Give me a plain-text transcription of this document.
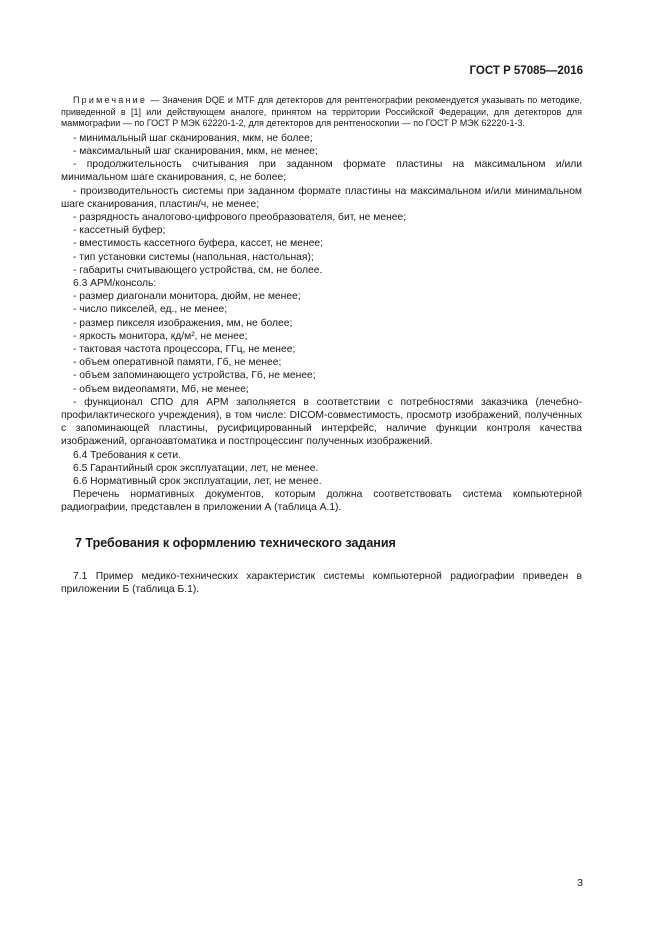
ГОСТ Р 57085—2016
Примечание — Значения DQE и MTF для детекторов для рентгенографии рекомендуется указывать по методике, приведенной в [1] или действующем аналоге, принятом на территории Российской Федерации, для детекторов для маммографии — по ГОСТ Р МЭК 62220-1-2, для детекторов для рентгеноскопии — по ГОСТ Р МЭК 62220-1-3.

- минимальный шаг сканирования, мкм, не более;

- максимальный шаг сканирования, мкм, не менее;

- продолжительность считывания при заданном формате пластины на максимальном и/или минимальном шаге сканирования, с, не более;

- производительность системы при заданном формате пластины на максимальном и/или минимальном шаге сканирования, пластин/ч, не менее;

- разрядность аналогово-цифрового преобразователя, бит, не менее;

- кассетный буфер;

- вместимость кассетного буфера, кассет, не менее;

- тип установки системы (напольная, настольная);

- габариты считывающего устройства, см, не более.

6.3 АРМ/консоль:

- размер диагонали монитора, дюйм, не менее;

- число пикселей, ед., не менее;

- размер пикселя изображения, мм, не более;

- яркость монитора, кд/м², не менее;

- тактовая частота процессора, ГГц, не менее;

- объем оперативной памяти, Гб, не менее;

- объем запоминающего устройства, Гб, не менее;

- объем видеопамяти, Мб, не менее;

- функционал СПО для АРМ заполняется в соответствии с потребностями заказчика (лечебно-профилактического учреждения), в том числе: DICOM-совместимость, просмотр изображений, полученных с запоминающей пластины, русифицированный интерфейс, наличие функции контроля качества изображений, органоавтоматика и постпроцессинг полученных изображений.

6.4 Требования к сети.

6.5 Гарантийный срок эксплуатации, лет, не менее.

6.6 Нормативный срок эксплуатации, лет, не менее.

Перечень нормативных документов, которым должна соответствовать система компьютерной радиографии, представлен в приложении А (таблица А.1).

7 Требования к оформлению технического задания

7.1 Пример медико-технических характеристик системы компьютерной радиографии приведен в приложении Б (таблица Б.1).

3
